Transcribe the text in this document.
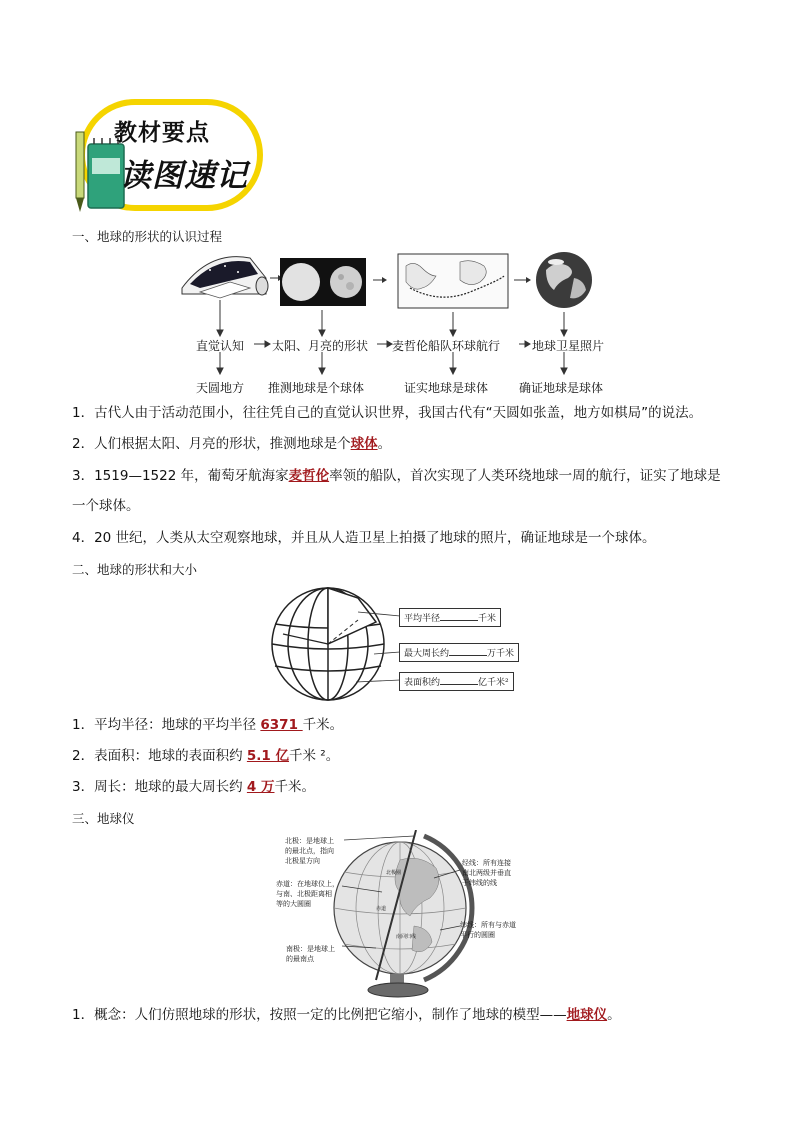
教材要点
读图速记
一、地球的形状的认识过程
直觉认知 太阳、月亮的形状 麦哲伦船队环球航行	地球卫星照片
天圆地方 推测地球是个球体	证实地球是球体	确证地球是球体
1．古代人由于活动范围小，往往凭自己的直觉认识世界，我国古代有“天圆如张盖，地方如棋局”的说法。
2．人们根据太阳、月亮的形状，推测地球是个球体。
3．1519—1522 年，葡萄牙航海家麦哲伦率领的船队，首次实现了人类环绕地球一周的航行，证实了地球是
一个球体。
4．20 世纪，人类从太空观察地球，并且从人造卫星上拍摄了地球的照片，确证地球是一个球体。
二、地球的形状和大小
平均半径	千米
最大周长约	万千米
表面积约	亿千米²
1．平均半径：地球的平均半径 6371 千米。
2．表面积：地球的表面积约 5.1 亿千米 ²。
3．周长：地球的最大周长约 4 万千米。
三、地球仪
北极：是地球上
的最北点，指向
北极星方向
赤道：在地球仪上，
与南、北极距离相
等的大圆圈
南极：是地球上
的最南点
经线：所有连接
南北两级并垂直
于纬线的线
纬线：所有与赤道
平行的圆圈
北极圈
赤道
南回归线
1．概念：人们仿照地球的形状，按照一定的比例把它缩小，制作了地球的模型——地球仪。
